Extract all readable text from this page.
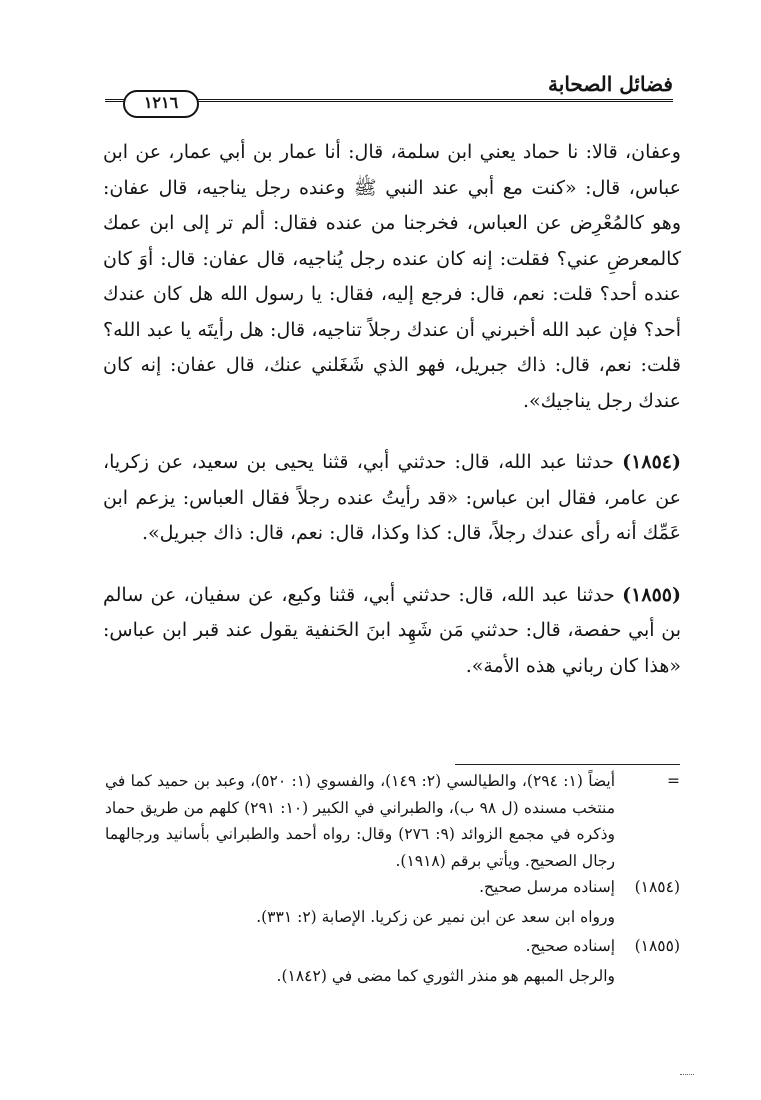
فضائل الصحابة
١٢١٦

وعفان، قالا: نا حماد يعني ابن سلمة، قال: أنا عمار بن أبي عمار، عن ابن عباس، قال: «كنت مع أبي عند النبي ﷺ وعنده رجل يناجيه، قال عفان: وهو كالمُعْرِض عن العباس، فخرجنا من عنده فقال: ألم تر إلى ابن عمك كالمعرضِ عني؟ فقلت: إنه كان عنده رجل يُناجيه، قال عفان: قال: أوَ كان عنده أحد؟ قلت: نعم، قال: فرجع إليه، فقال: يا رسول الله هل كان عندك أحد؟ فإن عبد الله أخبرني أن عندك رجلاً تناجيه، قال: هل رأيتَه يا عبد الله؟ قلت: نعم، قال: ذاك جبريل، فهو الذي شَغَلني عنك، قال عفان: إنه كان عندك رجل يناجيك».

(١٨٥٤) حدثنا عبد الله، قال: حدثني أبي، قثنا يحيى بن سعيد، عن زكريا، عن عامر، فقال ابن عباس: «قد رأيتُ عنده رجلاً فقال العباس: يزعم ابن عَمِّك أنه رأى عندك رجلاً، قال: كذا وكذا، قال: نعم، قال: ذاك جبريل».

(١٨٥٥) حدثنا عبد الله، قال: حدثني أبي، قثنا وكيع، عن سفيان، عن سالم بن أبي حفصة، قال: حدثني مَن شَهِد ابنَ الحَنفية يقول عند قبر ابن عباس: «هذا كان رباني هذه الأمة».

=
أيضاً (١: ٢٩٤)، والطيالسي (٢: ١٤٩)، والفسوي (١: ٥٢٠)، وعبد بن حميد كما في منتخب مسنده (ل ٩٨ ب)، والطبراني في الكبير (١٠: ٢٩١) كلهم من طريق حماد وذكره في مجمع الزوائد (٩: ٢٧٦) وقال: رواه أحمد والطبراني بأسانيد ورجالهما رجال الصحيح. ويأتي برقم (١٩١٨).
(١٨٥٤)
إسناده مرسل صحيح.
ورواه ابن سعد عن ابن نمير عن زكريا. الإصابة (٢: ٣٣١).
(١٨٥٥)
إسناده صحيح.
والرجل المبهم هو منذر الثوري كما مضى في (١٨٤٢).
